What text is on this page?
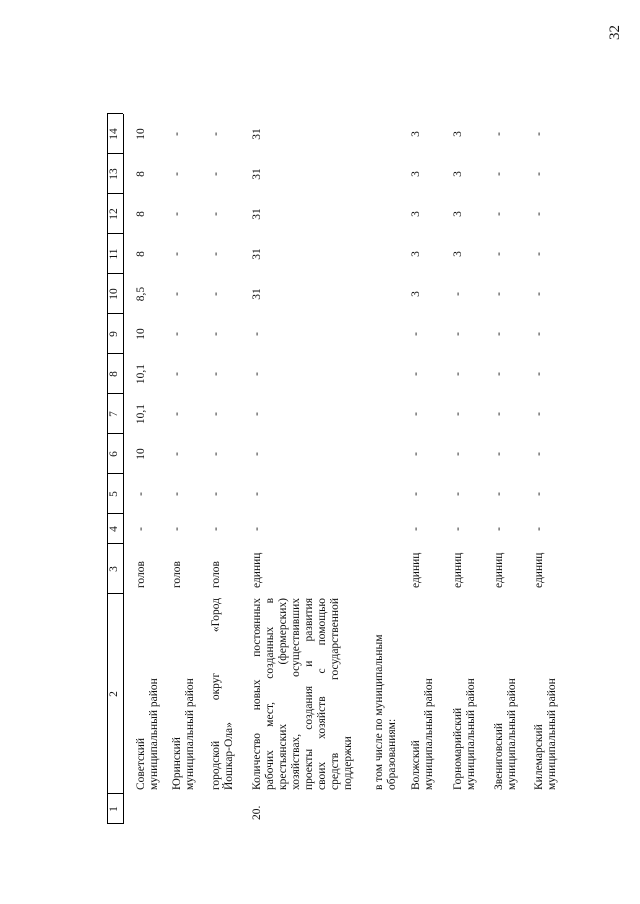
32
1
2
3
4
5
6
7
8
9
10
11
12
13
14
Советский муниципальный район
голов
-
-
10
10,1
10,1
10
8,5
8
8
8
10
Юринский муниципальный район
голов
-
-
-
-
-
-
-
-
-
-
-
городской округ «Город Йошкар-Ола»
голов
-
-
-
-
-
-
-
-
-
-
-
20.
Количество новых постоянных рабочих мест, созданных в крестьянских (фермерских) хозяйствах, осуществивших проекты создания и развития своих хозяйств с помощью средств государственной поддержки
единиц
-
-
-
-
-
-
31
31
31
31
31
в том числе по муниципальным образованиям: Волжский муниципальный район
единиц
-
-
-
-
-
-
3
3
3
3
3
Горномарийский муниципальный район
единиц
-
-
-
-
-
-
-
3
3
3
3
Звениговский муниципальный район
единиц
-
-
-
-
-
-
-
-
-
-
-
Килемарский муниципальный район
единиц
-
-
-
-
-
-
-
-
-
-
-
